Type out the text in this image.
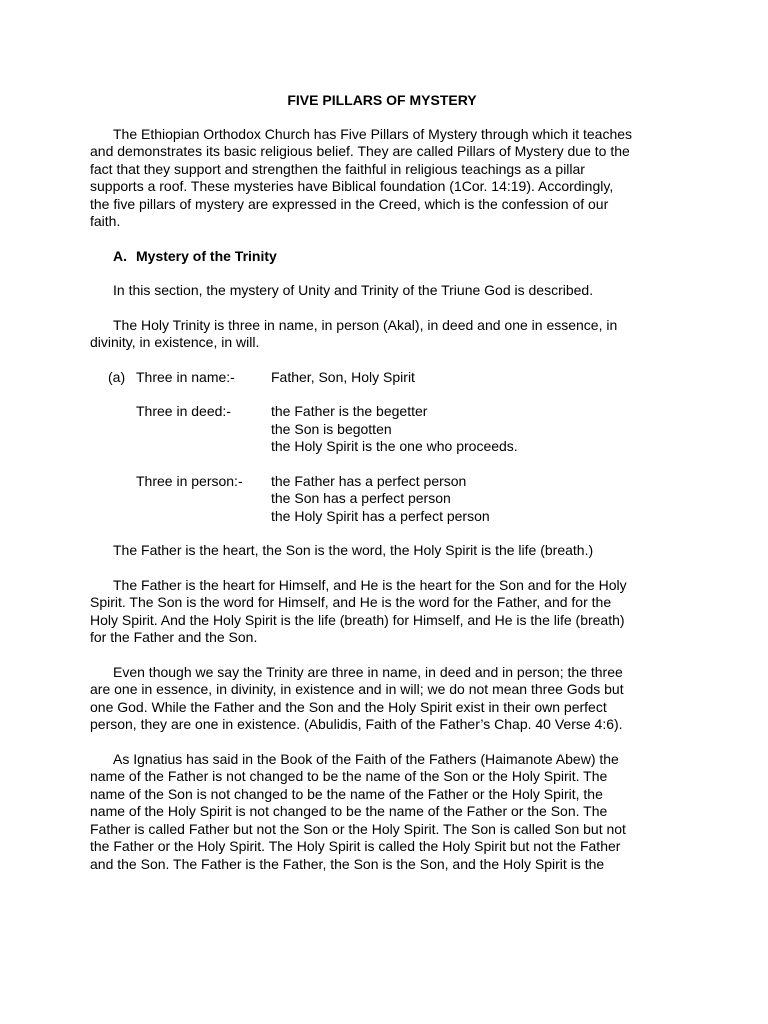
FIVE PILLARS OF MYSTERY

The Ethiopian Orthodox Church has Five Pillars of Mystery through which it teaches
and demonstrates its basic religious belief. They are called Pillars of Mystery due to the
fact that they support and strengthen the faithful in religious teachings as a pillar
supports a roof. These mysteries have Biblical foundation (1Cor. 14:19). Accordingly,
the five pillars of mystery are expressed in the Creed, which is the confession of our
faith.

A. Mystery of the Trinity

In this section, the mystery of Unity and Trinity of the Triune God is described.

The Holy Trinity is three in name, in person (Akal), in deed and one in essence, in
divinity, in existence, in will.

(a) Three in name:-	Father, Son, Holy Spirit
Three in deed:-	the Father is the begetter
the Son is begotten
the Holy Spirit is the one who proceeds.
Three in person:-	the Father has a perfect person
the Son has a perfect person
the Holy Spirit has a perfect person

The Father is the heart, the Son is the word, the Holy Spirit is the life (breath.)

The Father is the heart for Himself, and He is the heart for the Son and for the Holy
Spirit. The Son is the word for Himself, and He is the word for the Father, and for the
Holy Spirit. And the Holy Spirit is the life (breath) for Himself, and He is the life (breath)
for the Father and the Son.

Even though we say the Trinity are three in name, in deed and in person; the three
are one in essence, in divinity, in existence and in will; we do not mean three Gods but
one God. While the Father and the Son and the Holy Spirit exist in their own perfect
person, they are one in existence. (Abulidis, Faith of the Father’s Chap. 40 Verse 4:6).

As Ignatius has said in the Book of the Faith of the Fathers (Haimanote Abew) the
name of the Father is not changed to be the name of the Son or the Holy Spirit. The
name of the Son is not changed to be the name of the Father or the Holy Spirit, the
name of the Holy Spirit is not changed to be the name of the Father or the Son. The
Father is called Father but not the Son or the Holy Spirit. The Son is called Son but not
the Father or the Holy Spirit. The Holy Spirit is called the Holy Spirit but not the Father
and the Son. The Father is the Father, the Son is the Son, and the Holy Spirit is the
